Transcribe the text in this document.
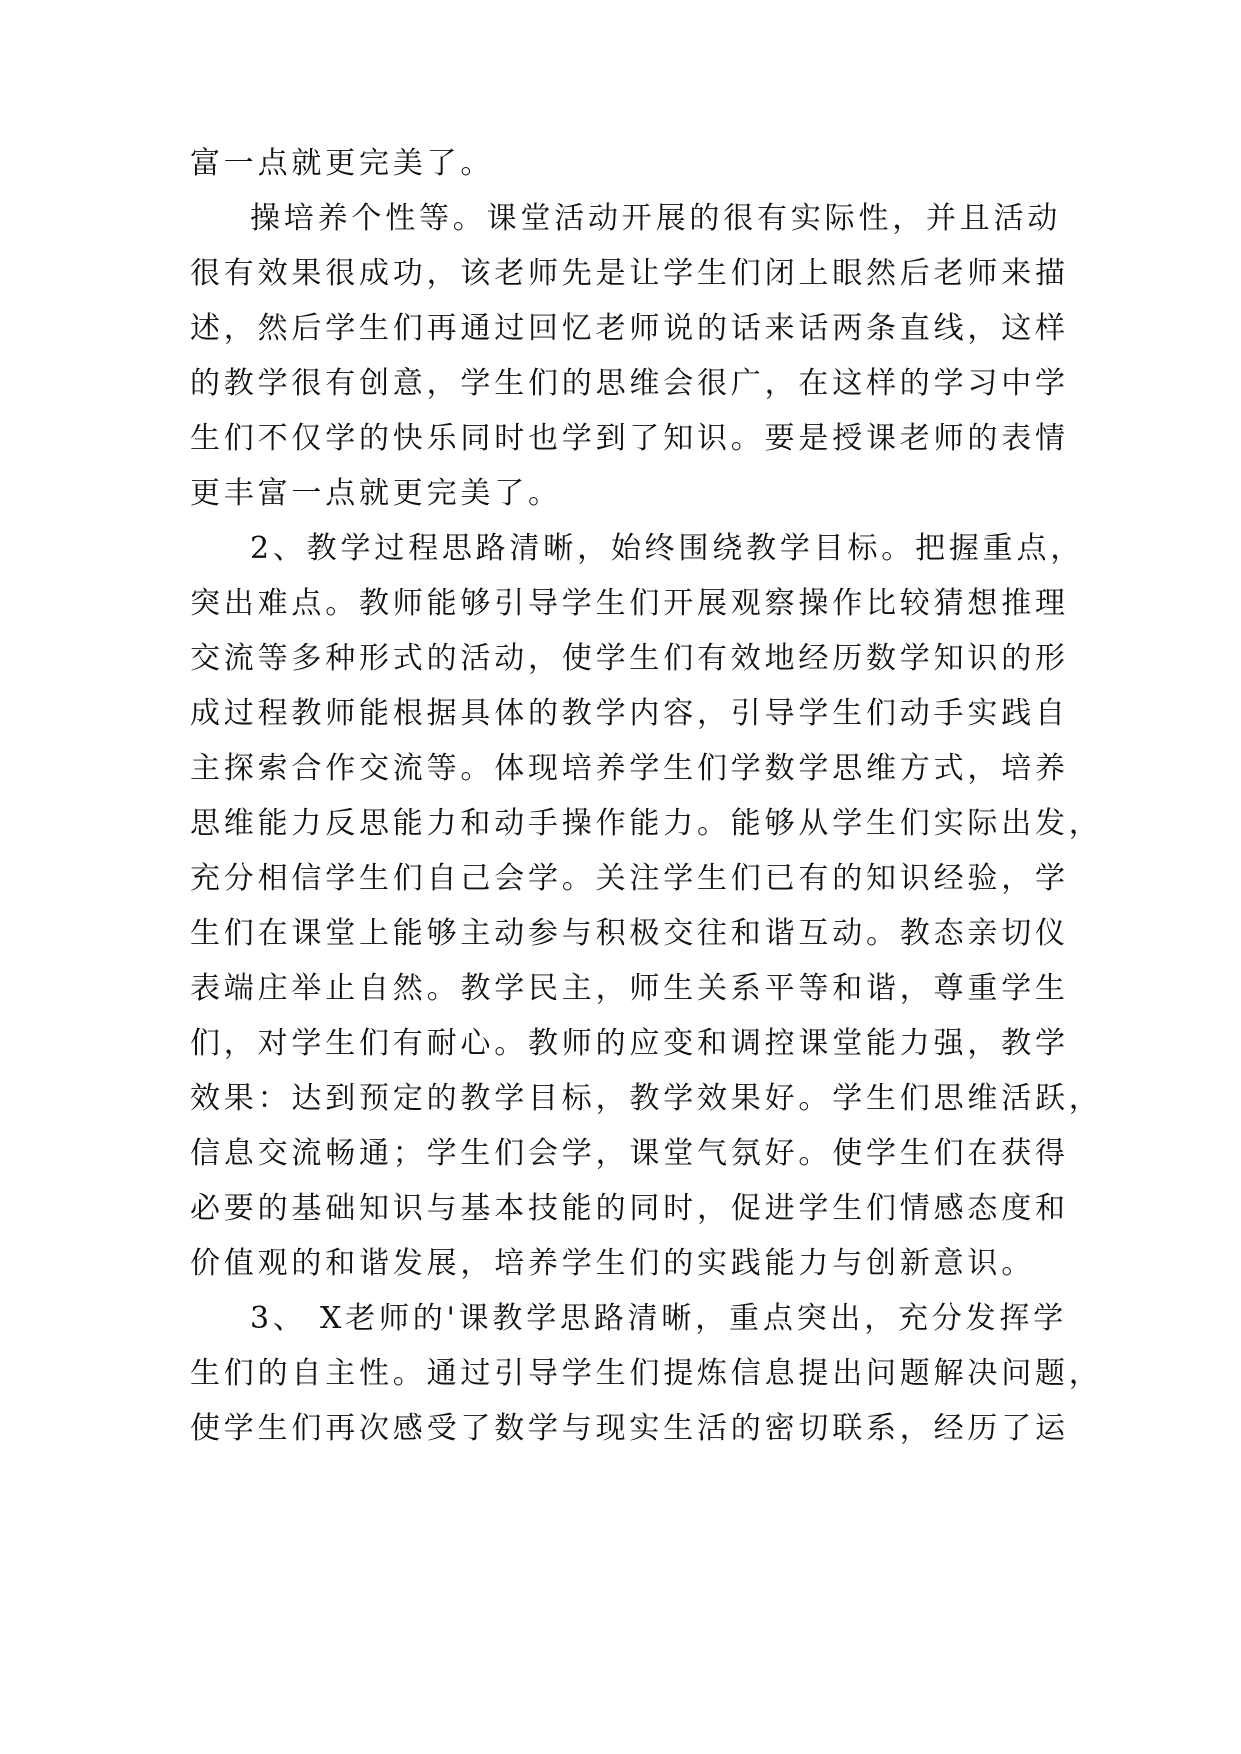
富一点就更完美了。

操培养个性等。课堂活动开展的很有实际性，并且活动

很有效果很成功，该老师先是让学生们闭上眼然后老师来描

述，然后学生们再通过回忆老师说的话来话两条直线，这样

的教学很有创意，学生们的思维会很广，在这样的学习中学

生们不仅学的快乐同时也学到了知识。要是授课老师的表情

更丰富一点就更完美了。

2、教学过程思路清晰，始终围绕教学目标。把握重点，

突出难点。教师能够引导学生们开展观察操作比较猜想推理

交流等多种形式的活动，使学生们有效地经历数学知识的形

成过程教师能根据具体的教学内容，引导学生们动手实践自

主探索合作交流等。体现培养学生们学数学思维方式，培养

思维能力反思能力和动手操作能力。能够从学生们实际出发，

充分相信学生们自己会学。关注学生们已有的知识经验，学

生们在课堂上能够主动参与积极交往和谐互动。教态亲切仪

表端庄举止自然。教学民主，师生关系平等和谐，尊重学生

们，对学生们有耐心。教师的应变和调控课堂能力强，教学

效果：达到预定的教学目标，教学效果好。学生们思维活跃，

信息交流畅通；学生们会学，课堂气氛好。使学生们在获得

必要的基础知识与基本技能的同时，促进学生们情感态度和

价值观的和谐发展，培养学生们的实践能力与创新意识。

3、 X老师的'课教学思路清晰，重点突出，充分发挥学

生们的自主性。通过引导学生们提炼信息提出问题解决问题，

使学生们再次感受了数学与现实生活的密切联系，经历了运
